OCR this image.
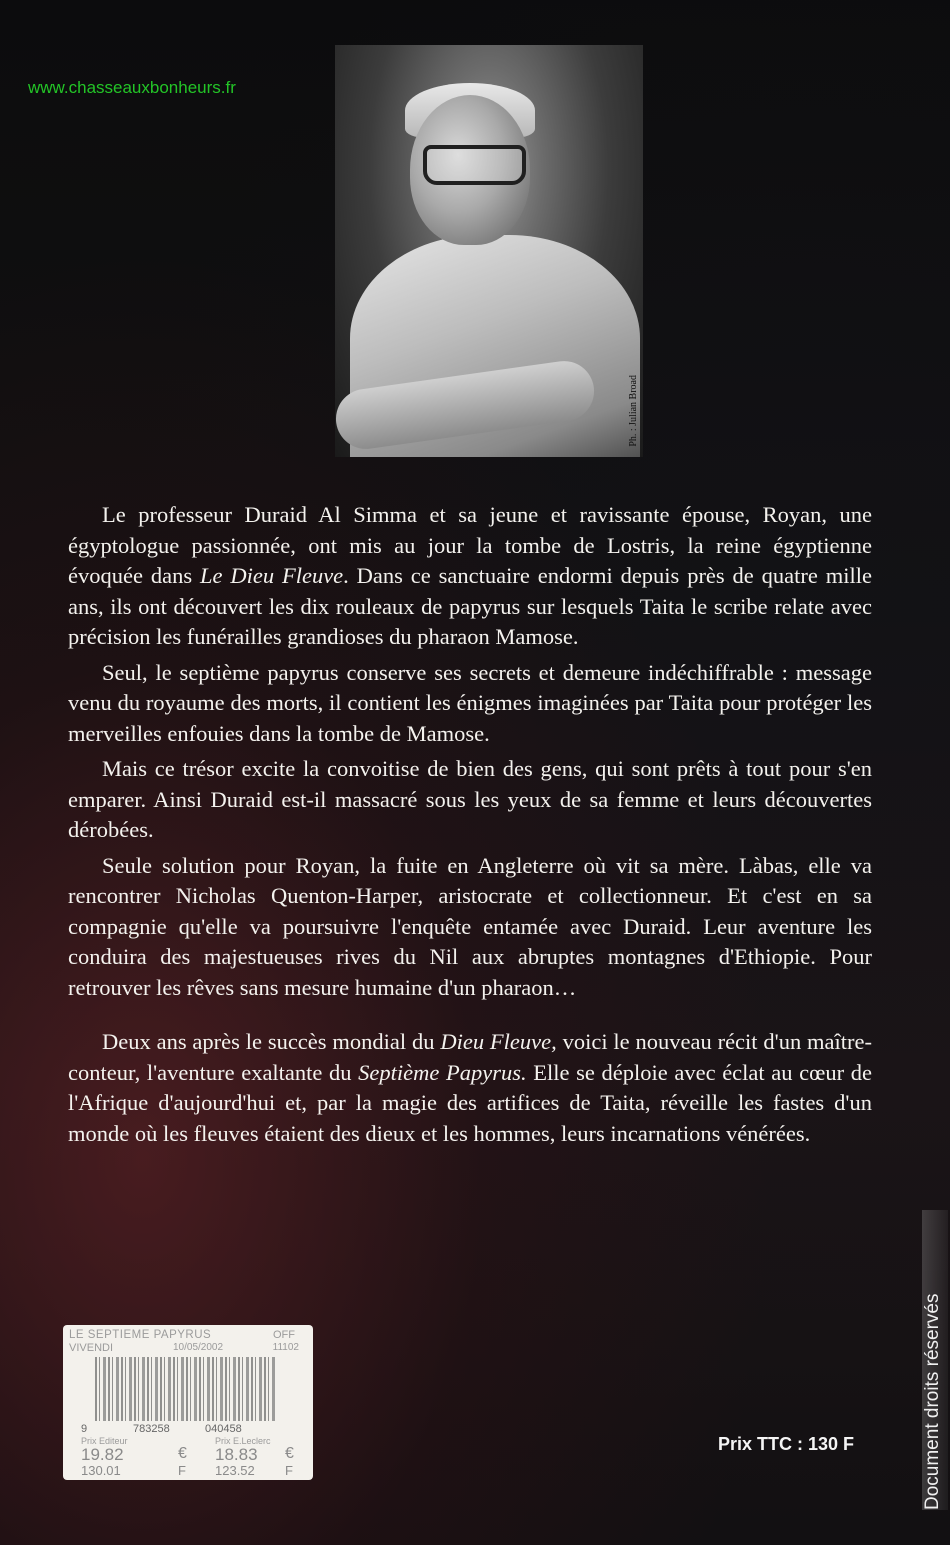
www.chasseauxbonheurs.fr
Ph. : Julian Broad

Le professeur Duraid Al Simma et sa jeune et ravissante épouse, Royan, une égyptologue passionnée, ont mis au jour la tombe de Lostris, la reine égyptienne évoquée dans Le Dieu Fleuve. Dans ce sanctuaire endormi depuis près de quatre mille ans, ils ont découvert les dix rouleaux de papyrus sur lesquels Taita le scribe relate avec précision les funérailles grandioses du pharaon Mamose.

Seul, le septième papyrus conserve ses secrets et demeure indéchiffrable : message venu du royaume des morts, il contient les énigmes imaginées par Taita pour protéger les merveilles enfouies dans la tombe de Mamose.

Mais ce trésor excite la convoitise de bien des gens, qui sont prêts à tout pour s'en emparer. Ainsi Duraid est-il massacré sous les yeux de sa femme et leurs découvertes dérobées.

Seule solution pour Royan, la fuite en Angleterre où vit sa mère. Làbas, elle va rencontrer Nicholas Quenton-Harper, aristocrate et collectionneur. Et c'est en sa compagnie qu'elle va poursuivre l'enquête entamée avec Duraid. Leur aventure les conduira des majestueuses rives du Nil aux abruptes montagnes d'Ethiopie. Pour retrouver les rêves sans mesure humaine d'un pharaon…

Deux ans après le succès mondial du Dieu Fleuve, voici le nouveau récit d'un maître-conteur, l'aventure exaltante du Septième Papyrus. Elle se déploie avec éclat au cœur de l'Afrique d'aujourd'hui et, par la magie des artifices de Taita, réveille les fastes d'un monde où les fleuves étaient des dieux et les hommes, leurs incarnations vénérées.

LE SEPTIEME PAPYRUS	OFF
VIVENDI	10/05/2002	11102
9	783258	040458
Prix Editeur	Prix E.Leclerc
19.82	€ 18.83 €
130.01	F 123.52 F
Prix TTC : 130 F	Document droits réservés
